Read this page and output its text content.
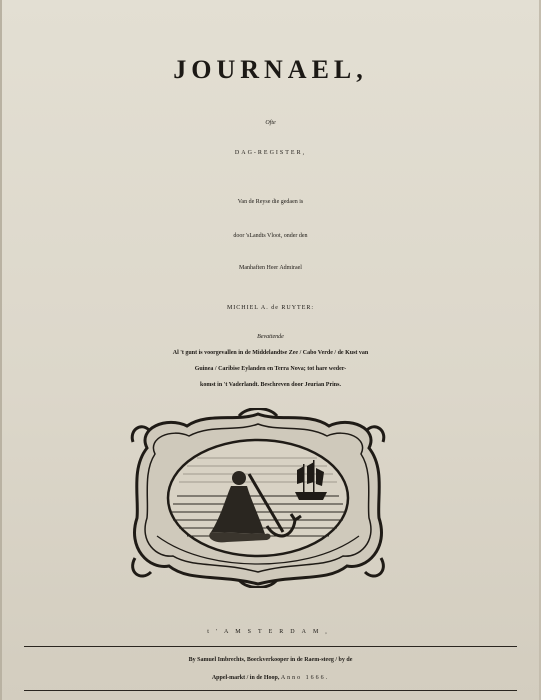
JOURNAEL,
Ofte
DAG-REGISTER,
Van de Reyse die gedaen is
door 'sLandts Vloot, onder den
Manhaften Heer Admirael
MICHIEL A. de RUYTER:
Bevattende
Al 't gunt is voorgevallen in de Middelandtse Zee / Cabo Verde / de Kust van
Guinea / Caribise Eylanden en Terra Nova; tot hare weder-
komst in 't Vaderlandt. Beschreven door Jeurian Prins.
t'AMSTERDAM,
By Samuel Imbrechts, Boeckverkooper in de Raem-steeg / by de
Appel-markt / in de Hoop, Anno 1666.
